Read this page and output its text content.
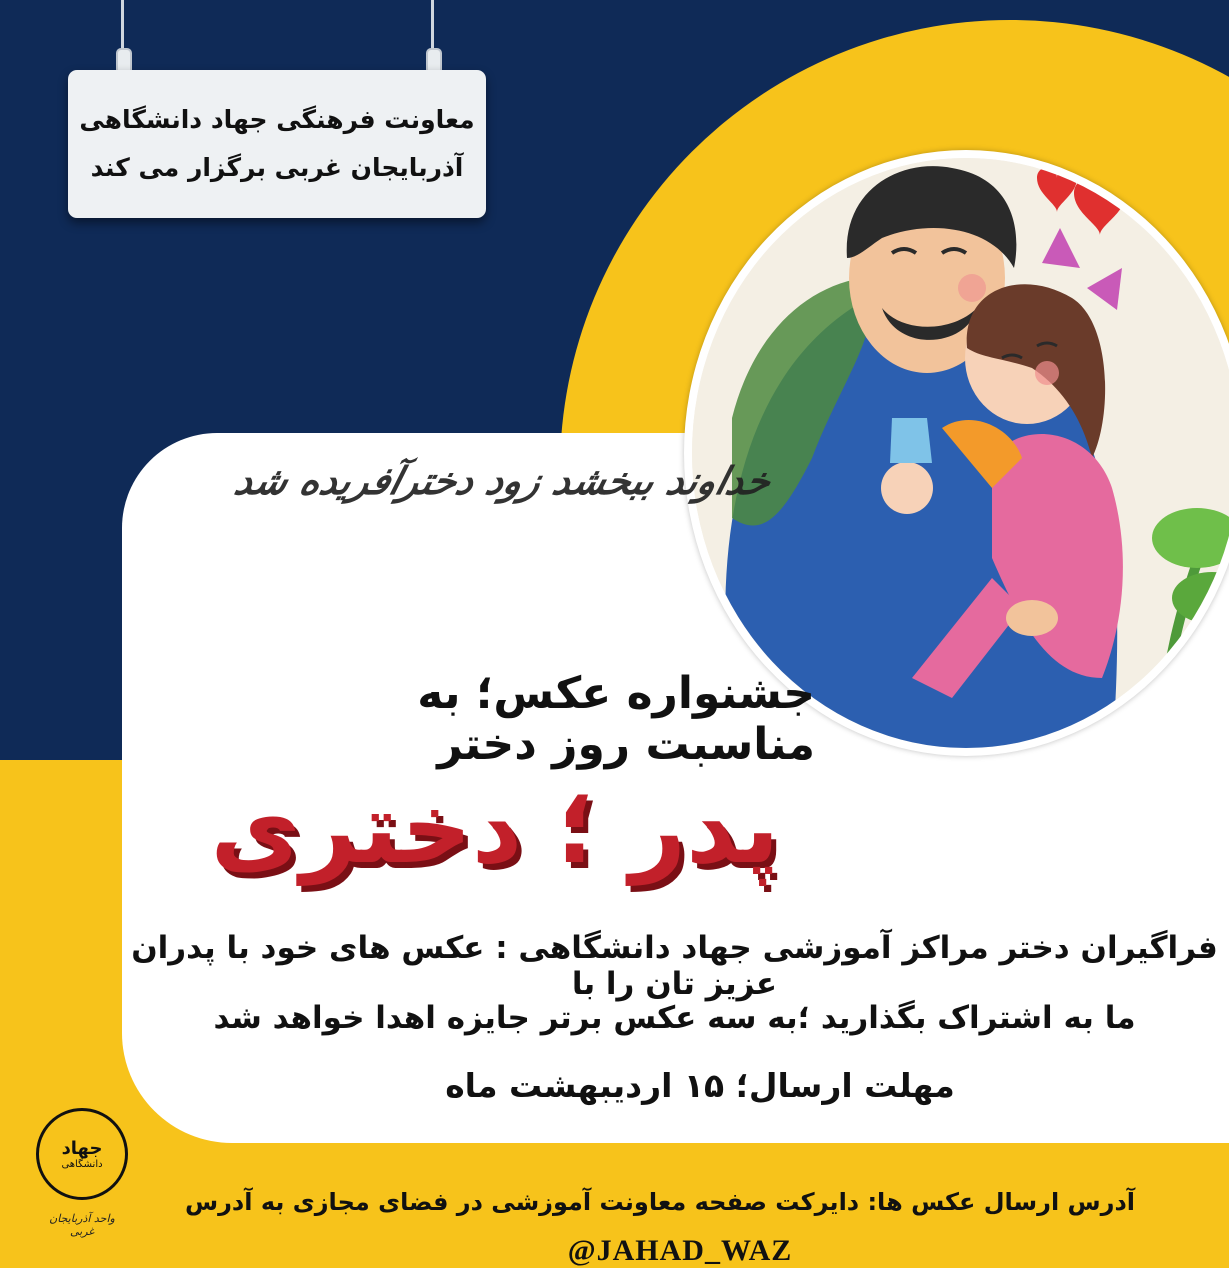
معاونت فرهنگی جهاد دانشگاهی
آذربایجان غربی برگزار می کند
خداوند ببخشد زود دخترآفریده شد
جشنواره عکس؛ به مناسبت روز دختر
پدر ؛ دختری
فراگیران دختر مراکز آموزشی جهاد دانشگاهی : عکس های خود با پدران عزیز تان را با
ما به اشتراک بگذارید ؛به سه عکس برتر جایزه اهدا خواهد شد
مهلت ارسال؛ ۱۵ اردیبهشت ماه
جهاد
دانشگاهی
واحد آذربایجان غربی
آدرس ارسال عکس ها: دایرکت صفحه معاونت آموزشی در فضای مجازی به آدرس
@JAHAD_WAZ
